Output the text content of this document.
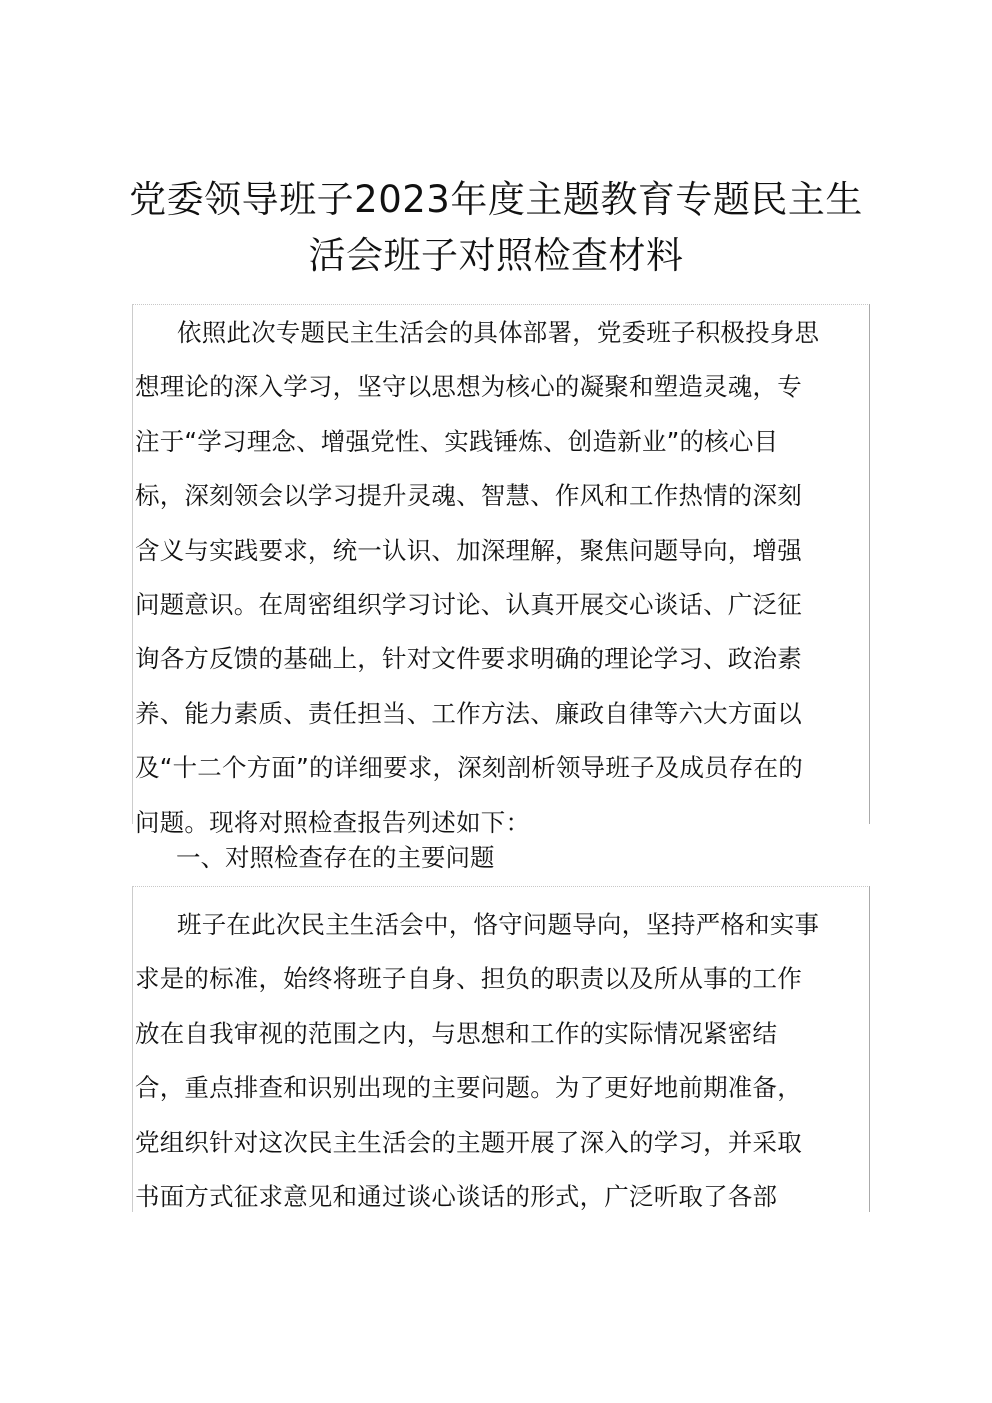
党委领导班子2023年度主题教育专题民主生
活会班子对照检查材料

依照此次专题民主生活会的具体部署，党委班子积极投身思
想理论的深入学习，坚守以思想为核心的凝聚和塑造灵魂，专
注于“学习理念、增强党性、实践锤炼、创造新业”的核心目
标，深刻领会以学习提升灵魂、智慧、作风和工作热情的深刻
含义与实践要求，统一认识、加深理解，聚焦问题导向，增强
问题意识。在周密组织学习讨论、认真开展交心谈话、广泛征
询各方反馈的基础上，针对文件要求明确的理论学习、政治素
养、能力素质、责任担当、工作方法、廉政自律等六大方面以
及“十二个方面”的详细要求，深刻剖析领导班子及成员存在的
问题。现将对照检查报告列述如下：

一、对照检查存在的主要问题

班子在此次民主生活会中，恪守问题导向，坚持严格和实事
求是的标准，始终将班子自身、担负的职责以及所从事的工作
放在自我审视的范围之内，与思想和工作的实际情况紧密结
合，重点排查和识别出现的主要问题。为了更好地前期准备，
党组织针对这次民主生活会的主题开展了深入的学习，并采取
书面方式征求意见和通过谈心谈话的形式，广泛听取了各部
